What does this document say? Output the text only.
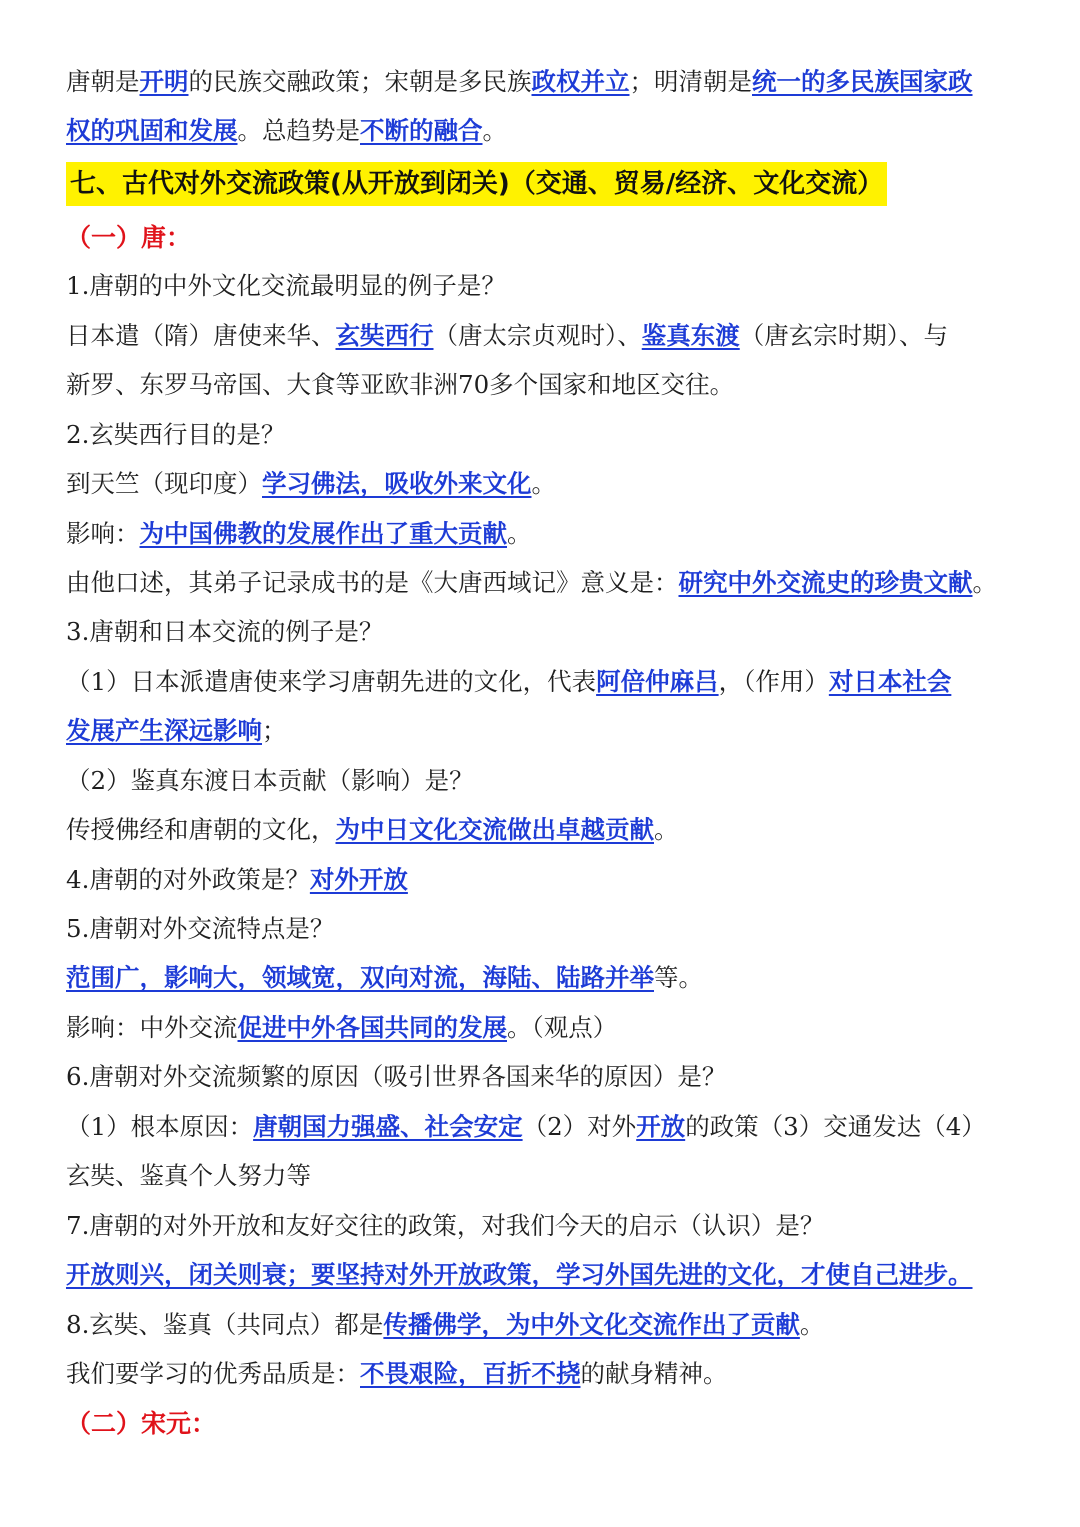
唐朝是开明的民族交融政策；宋朝是多民族政权并立；明清朝是统一的多民族国家政
权的巩固和发展。总趋势是不断的融合。
七、古代对外交流政策(从开放到闭关)（交通、贸易/经济、文化交流）
（一）唐：
1.唐朝的中外文化交流最明显的例子是？
日本遣（隋）唐使来华、玄奘西行（唐太宗贞观时）、鉴真东渡（唐玄宗时期）、与
新罗、东罗马帝国、大食等亚欧非洲70多个国家和地区交往。
2.玄奘西行目的是？
到天竺（现印度）学习佛法，吸收外来文化。
影响：为中国佛教的发展作出了重大贡献。
由他口述，其弟子记录成书的是《大唐西域记》意义是：研究中外交流史的珍贵文献。
3.唐朝和日本交流的例子是？
（1）日本派遣唐使来学习唐朝先进的文化，代表阿倍仲麻吕，（作用）对日本社会
发展产生深远影响；
（2）鉴真东渡日本贡献（影响）是？
传授佛经和唐朝的文化，为中日文化交流做出卓越贡献。
4.唐朝的对外政策是？对外开放
5.唐朝对外交流特点是？
范围广，影响大，领域宽，双向对流，海陆、陆路并举等。
影响：中外交流促进中外各国共同的发展。（观点）
6.唐朝对外交流频繁的原因（吸引世界各国来华的原因）是？
（1）根本原因：唐朝国力强盛、社会安定（2）对外开放的政策（3）交通发达（4）
玄奘、鉴真个人努力等
7.唐朝的对外开放和友好交往的政策，对我们今天的启示（认识）是？
开放则兴，闭关则衰；要坚持对外开放政策，学习外国先进的文化，才使自己进步。
8.玄奘、鉴真（共同点）都是传播佛学，为中外文化交流作出了贡献。
我们要学习的优秀品质是：不畏艰险，百折不挠的献身精神。
（二）宋元：
